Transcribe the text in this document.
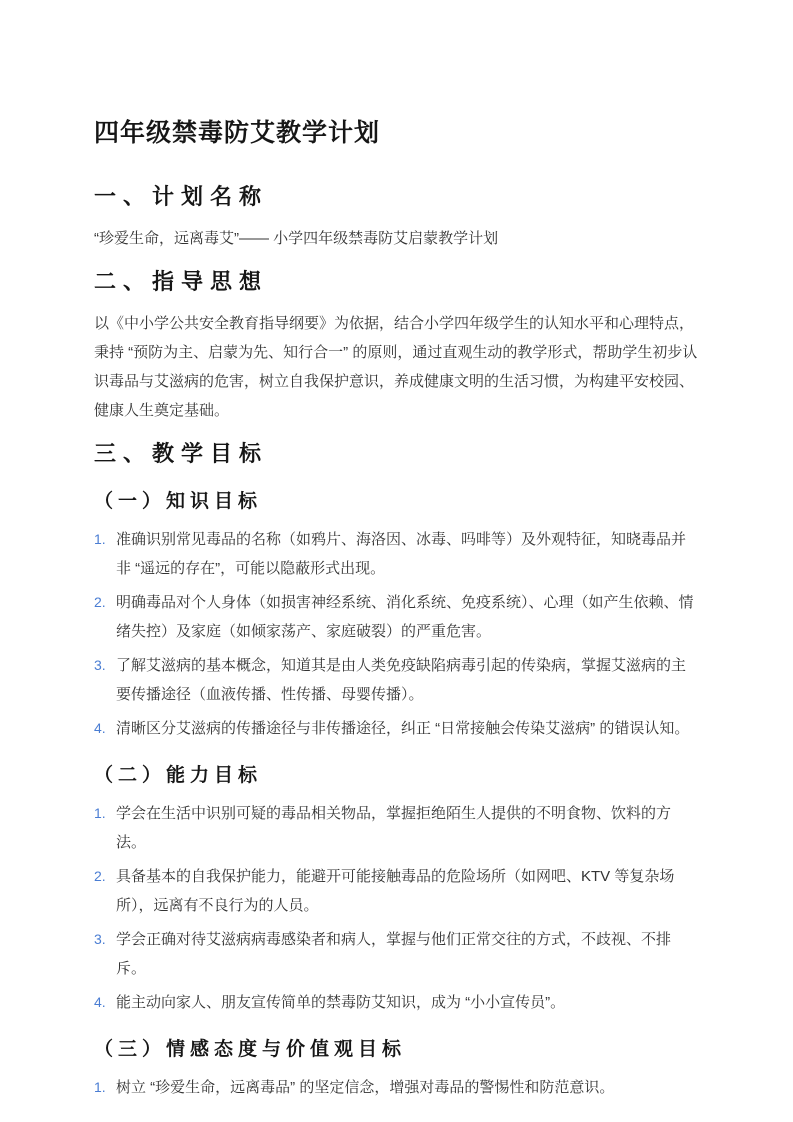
四年级禁毒防艾教学计划
一、计划名称

“珍爱生命，远离毒艾”—— 小学四年级禁毒防艾启蒙教学计划

二、指导思想

以《中小学公共安全教育指导纲要》为依据，结合小学四年级学生的认知水平和心理特点，秉持 “预防为主、启蒙为先、知行合一” 的原则，通过直观生动的教学形式，帮助学生初步认识毒品与艾滋病的危害，树立自我保护意识，养成健康文明的生活习惯，为构建平安校园、健康人生奠定基础。

三、教学目标
（一）知识目标
准确识别常见毒品的名称（如鸦片、海洛因、冰毒、吗啡等）及外观特征，知晓毒品并非 “遥远的存在”，可能以隐蔽形式出现。
明确毒品对个人身体（如损害神经系统、消化系统、免疫系统）、心理（如产生依赖、情绪失控）及家庭（如倾家荡产、家庭破裂）的严重危害。
了解艾滋病的基本概念，知道其是由人类免疫缺陷病毒引起的传染病，掌握艾滋病的主要传播途径（血液传播、性传播、母婴传播）。
清晰区分艾滋病的传播途径与非传播途径，纠正 “日常接触会传染艾滋病” 的错误认知。
（二）能力目标
学会在生活中识别可疑的毒品相关物品，掌握拒绝陌生人提供的不明食物、饮料的方法。
具备基本的自我保护能力，能避开可能接触毒品的危险场所（如网吧、KTV 等复杂场所），远离有不良行为的人员。
学会正确对待艾滋病病毒感染者和病人，掌握与他们正常交往的方式，不歧视、不排斥。
能主动向家人、朋友宣传简单的禁毒防艾知识，成为 “小小宣传员”。
（三）情感态度与价值观目标
树立 “珍爱生命，远离毒品” 的坚定信念，增强对毒品的警惕性和防范意识。
